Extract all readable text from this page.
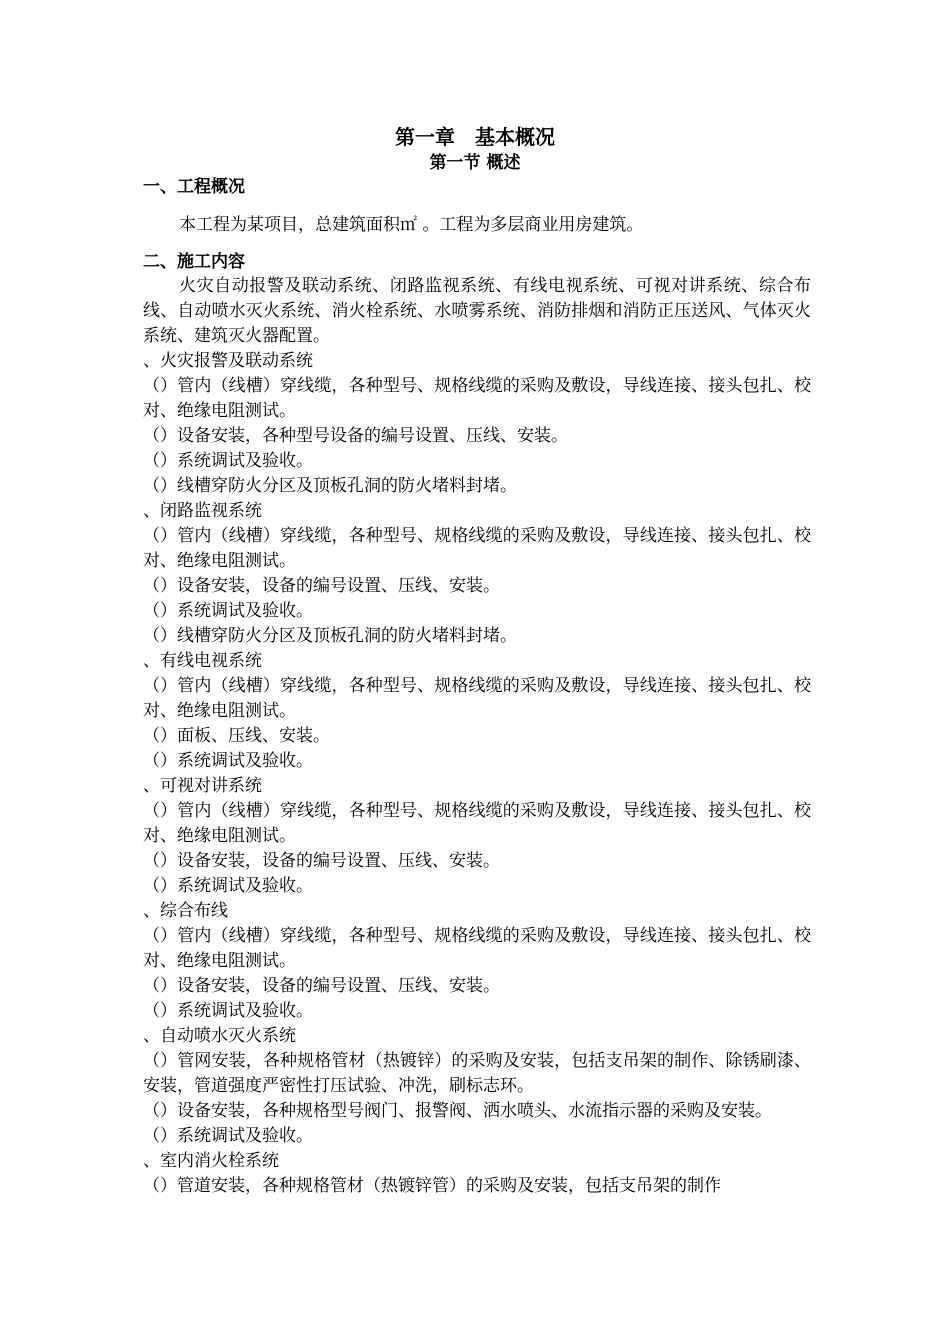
第一章　基本概况
第一节 概述
一、工程概况
本工程为某项目，总建筑面积㎡ 。工程为多层商业用房建筑。
二、施工内容

火灾自动报警及联动系统、闭路监视系统、有线电视系统、可视对讲系统、综合布线、自动喷水灭火系统、消火栓系统、水喷雾系统、消防排烟和消防正压送风、气体灭火系统、建筑灭火器配置。

、火灾报警及联动系统

（）管内（线槽）穿线缆，各种型号、规格线缆的采购及敷设，导线连接、接头包扎、校对、绝缘电阻测试。

（）设备安装，各种型号设备的编号设置、压线、安装。

（）系统调试及验收。

（）线槽穿防火分区及顶板孔洞的防火堵料封堵。

、闭路监视系统

（）管内（线槽）穿线缆，各种型号、规格线缆的采购及敷设，导线连接、接头包扎、校对、绝缘电阻测试。

（）设备安装，设备的编号设置、压线、安装。

（）系统调试及验收。

（）线槽穿防火分区及顶板孔洞的防火堵料封堵。

、有线电视系统

（）管内（线槽）穿线缆，各种型号、规格线缆的采购及敷设，导线连接、接头包扎、校对、绝缘电阻测试。

（）面板、压线、安装。

（）系统调试及验收。

、可视对讲系统

（）管内（线槽）穿线缆，各种型号、规格线缆的采购及敷设，导线连接、接头包扎、校对、绝缘电阻测试。

（）设备安装，设备的编号设置、压线、安装。

（）系统调试及验收。

、综合布线

（）管内（线槽）穿线缆，各种型号、规格线缆的采购及敷设，导线连接、接头包扎、校对、绝缘电阻测试。

（）设备安装，设备的编号设置、压线、安装。

（）系统调试及验收。

、自动喷水灭火系统

（）管网安装，各种规格管材（热镀锌）的采购及安装，包括支吊架的制作、除锈刷漆、安装，管道强度严密性打压试验、冲洗，刷标志环。

（）设备安装，各种规格型号阀门、报警阀、洒水喷头、水流指示器的采购及安装。

（）系统调试及验收。

、室内消火栓系统

（）管道安装，各种规格管材（热镀锌管）的采购及安装，包括支吊架的制作
